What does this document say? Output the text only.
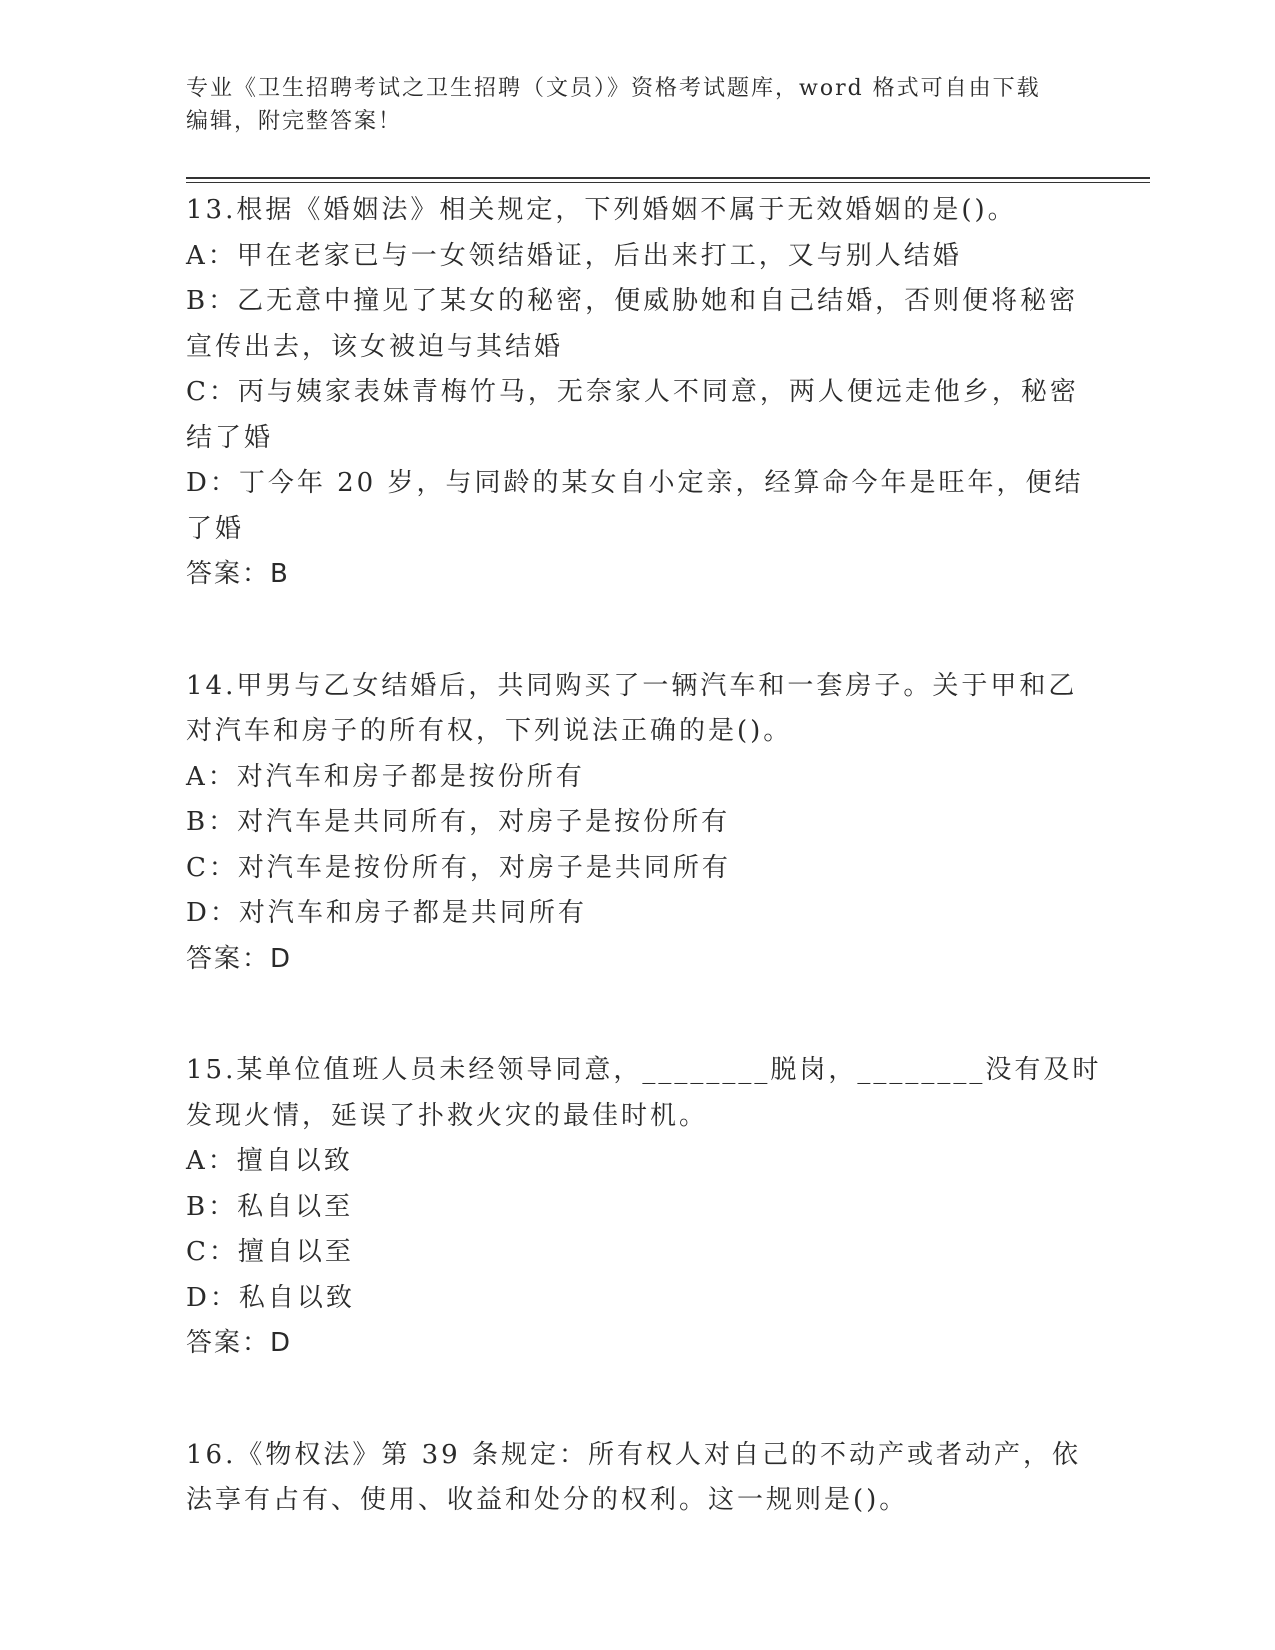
专业《卫生招聘考试之卫生招聘（文员）》资格考试题库，word 格式可自由下载
编辑，附完整答案！
13.根据《婚姻法》相关规定，下列婚姻不属于无效婚姻的是()。
A：甲在老家已与一女领结婚证，后出来打工，又与别人结婚
B：乙无意中撞见了某女的秘密，便威胁她和自己结婚，否则便将秘密
宣传出去，该女被迫与其结婚
C：丙与姨家表妹青梅竹马，无奈家人不同意，两人便远走他乡，秘密
结了婚
D：丁今年 20 岁，与同龄的某女自小定亲，经算命今年是旺年，便结
了婚
答案：B
14.甲男与乙女结婚后，共同购买了一辆汽车和一套房子。关于甲和乙
对汽车和房子的所有权，下列说法正确的是()。
A：对汽车和房子都是按份所有
B：对汽车是共同所有，对房子是按份所有
C：对汽车是按份所有，对房子是共同所有
D：对汽车和房子都是共同所有
答案：D
15.某单位值班人员未经领导同意，________脱岗，________没有及时
发现火情，延误了扑救火灾的最佳时机。
A：擅自以致
B：私自以至
C：擅自以至
D：私自以致
答案：D
16.《物权法》第 39 条规定：所有权人对自己的不动产或者动产，依
法享有占有、使用、收益和处分的权利。这一规则是()。
